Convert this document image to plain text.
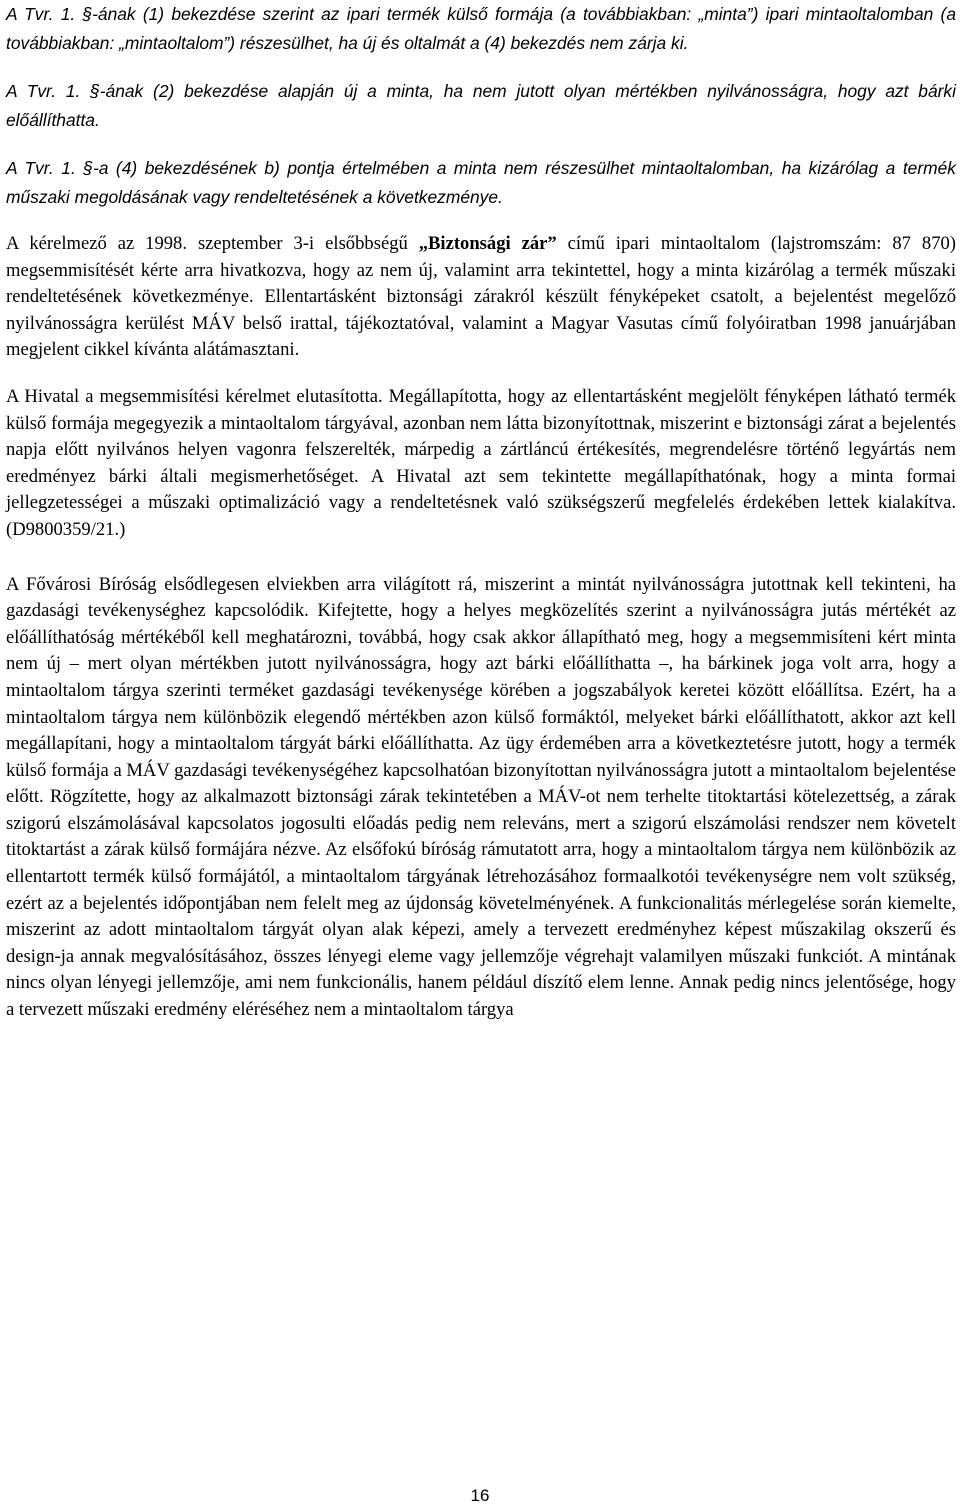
A Tvr. 1. §-ának (1) bekezdése szerint az ipari termék külső formája (a továbbiakban: „minta”) ipari mintaoltalomban (a továbbiakban: „mintaoltalom”) részesülhet, ha új és oltalmát a (4) bekezdés nem zárja ki.

A Tvr. 1. §-ának (2) bekezdése alapján új a minta, ha nem jutott olyan mértékben nyilvánosságra, hogy azt bárki előállíthatta.

A Tvr. 1. §-a (4) bekezdésének b) pontja értelmében a minta nem részesülhet mintaoltalomban, ha kizárólag a termék műszaki megoldásának vagy rendeltetésének a következménye.

A kérelmező az 1998. szeptember 3-i elsőbbségű „Biztonsági zár” című ipari mintaoltalom (lajstromszám: 87 870) megsemmisítését kérte arra hivatkozva, hogy az nem új, valamint arra tekintettel, hogy a minta kizárólag a termék műszaki rendeltetésének következménye. Ellentartásként biztonsági zárakról készült fényképeket csatolt, a bejelentést megelőző nyilvánosságra kerülést MÁV belső irattal, tájékoztatóval, valamint a Magyar Vasutas című folyóiratban 1998 januárjában megjelent cikkel kívánta alátámasztani.

A Hivatal a megsemmisítési kérelmet elutasította. Megállapította, hogy az ellentartásként megjelölt fényképen látható termék külső formája megegyezik a mintaoltalom tárgyával, azonban nem látta bizonyítottnak, miszerint e biztonsági zárat a bejelentés napja előtt nyilvános helyen vagonra felszerelték, márpedig a zártláncú értékesítés, megrendelésre történő legyártás nem eredményez bárki általi megismerhetőséget. A Hivatal azt sem tekintette megállapíthatónak, hogy a minta formai jellegzetességei a műszaki optimalizáció vagy a rendeltetésnek való szükségszerű megfelelés érdekében lettek kialakítva. (D9800359/21.)

A Fővárosi Bíróság elsődlegesen elviekben arra világított rá, miszerint a mintát nyilvánosságra jutottnak kell tekinteni, ha gazdasági tevékenységhez kapcsolódik. Kifejtette, hogy a helyes megközelítés szerint a nyilvánosságra jutás mértékét az előállíthatóság mértékéből kell meghatározni, továbbá, hogy csak akkor állapítható meg, hogy a megsemmisíteni kért minta nem új ‒ mert olyan mértékben jutott nyilvánosságra, hogy azt bárki előállíthatta ‒, ha bárkinek joga volt arra, hogy a mintaoltalom tárgya szerinti terméket gazdasági tevékenysége körében a jogszabályok keretei között előállítsa. Ezért, ha a mintaoltalom tárgya nem különbözik elegendő mértékben azon külső formáktól, melyeket bárki előállíthatott, akkor azt kell megállapítani, hogy a mintaoltalom tárgyát bárki előállíthatta. Az ügy érdemében arra a következtetésre jutott, hogy a termék külső formája a MÁV gazdasági tevékenységéhez kapcsolhatóan bizonyítottan nyilvánosságra jutott a mintaoltalom bejelentése előtt. Rögzítette, hogy az alkalmazott biztonsági zárak tekintetében a MÁV-ot nem terhelte titoktartási kötelezettség, a zárak szigorú elszámolásával kapcsolatos jogosulti előadás pedig nem releváns, mert a szigorú elszámolási rendszer nem követelt titoktartást a zárak külső formájára nézve. Az elsőfokú bíróság rámutatott arra, hogy a mintaoltalom tárgya nem különbözik az ellentartott termék külső formájától, a mintaoltalom tárgyának létrehozásához formaalkotói tevékenységre nem volt szükség, ezért az a bejelentés időpontjában nem felelt meg az újdonság követelményének. A funkcionalitás mérlegelése során kiemelte, miszerint az adott mintaoltalom tárgyát olyan alak képezi, amely a tervezett eredményhez képest műszakilag okszerű és design-ja annak megvalósításához, összes lényegi eleme vagy jellemzője végrehajt valamilyen műszaki funkciót. A mintának nincs olyan lényegi jellemzője, ami nem funkcionális, hanem például díszítő elem lenne. Annak pedig nincs jelentősége, hogy a tervezett műszaki eredmény eléréséhez nem a mintaoltalom tárgya

16
